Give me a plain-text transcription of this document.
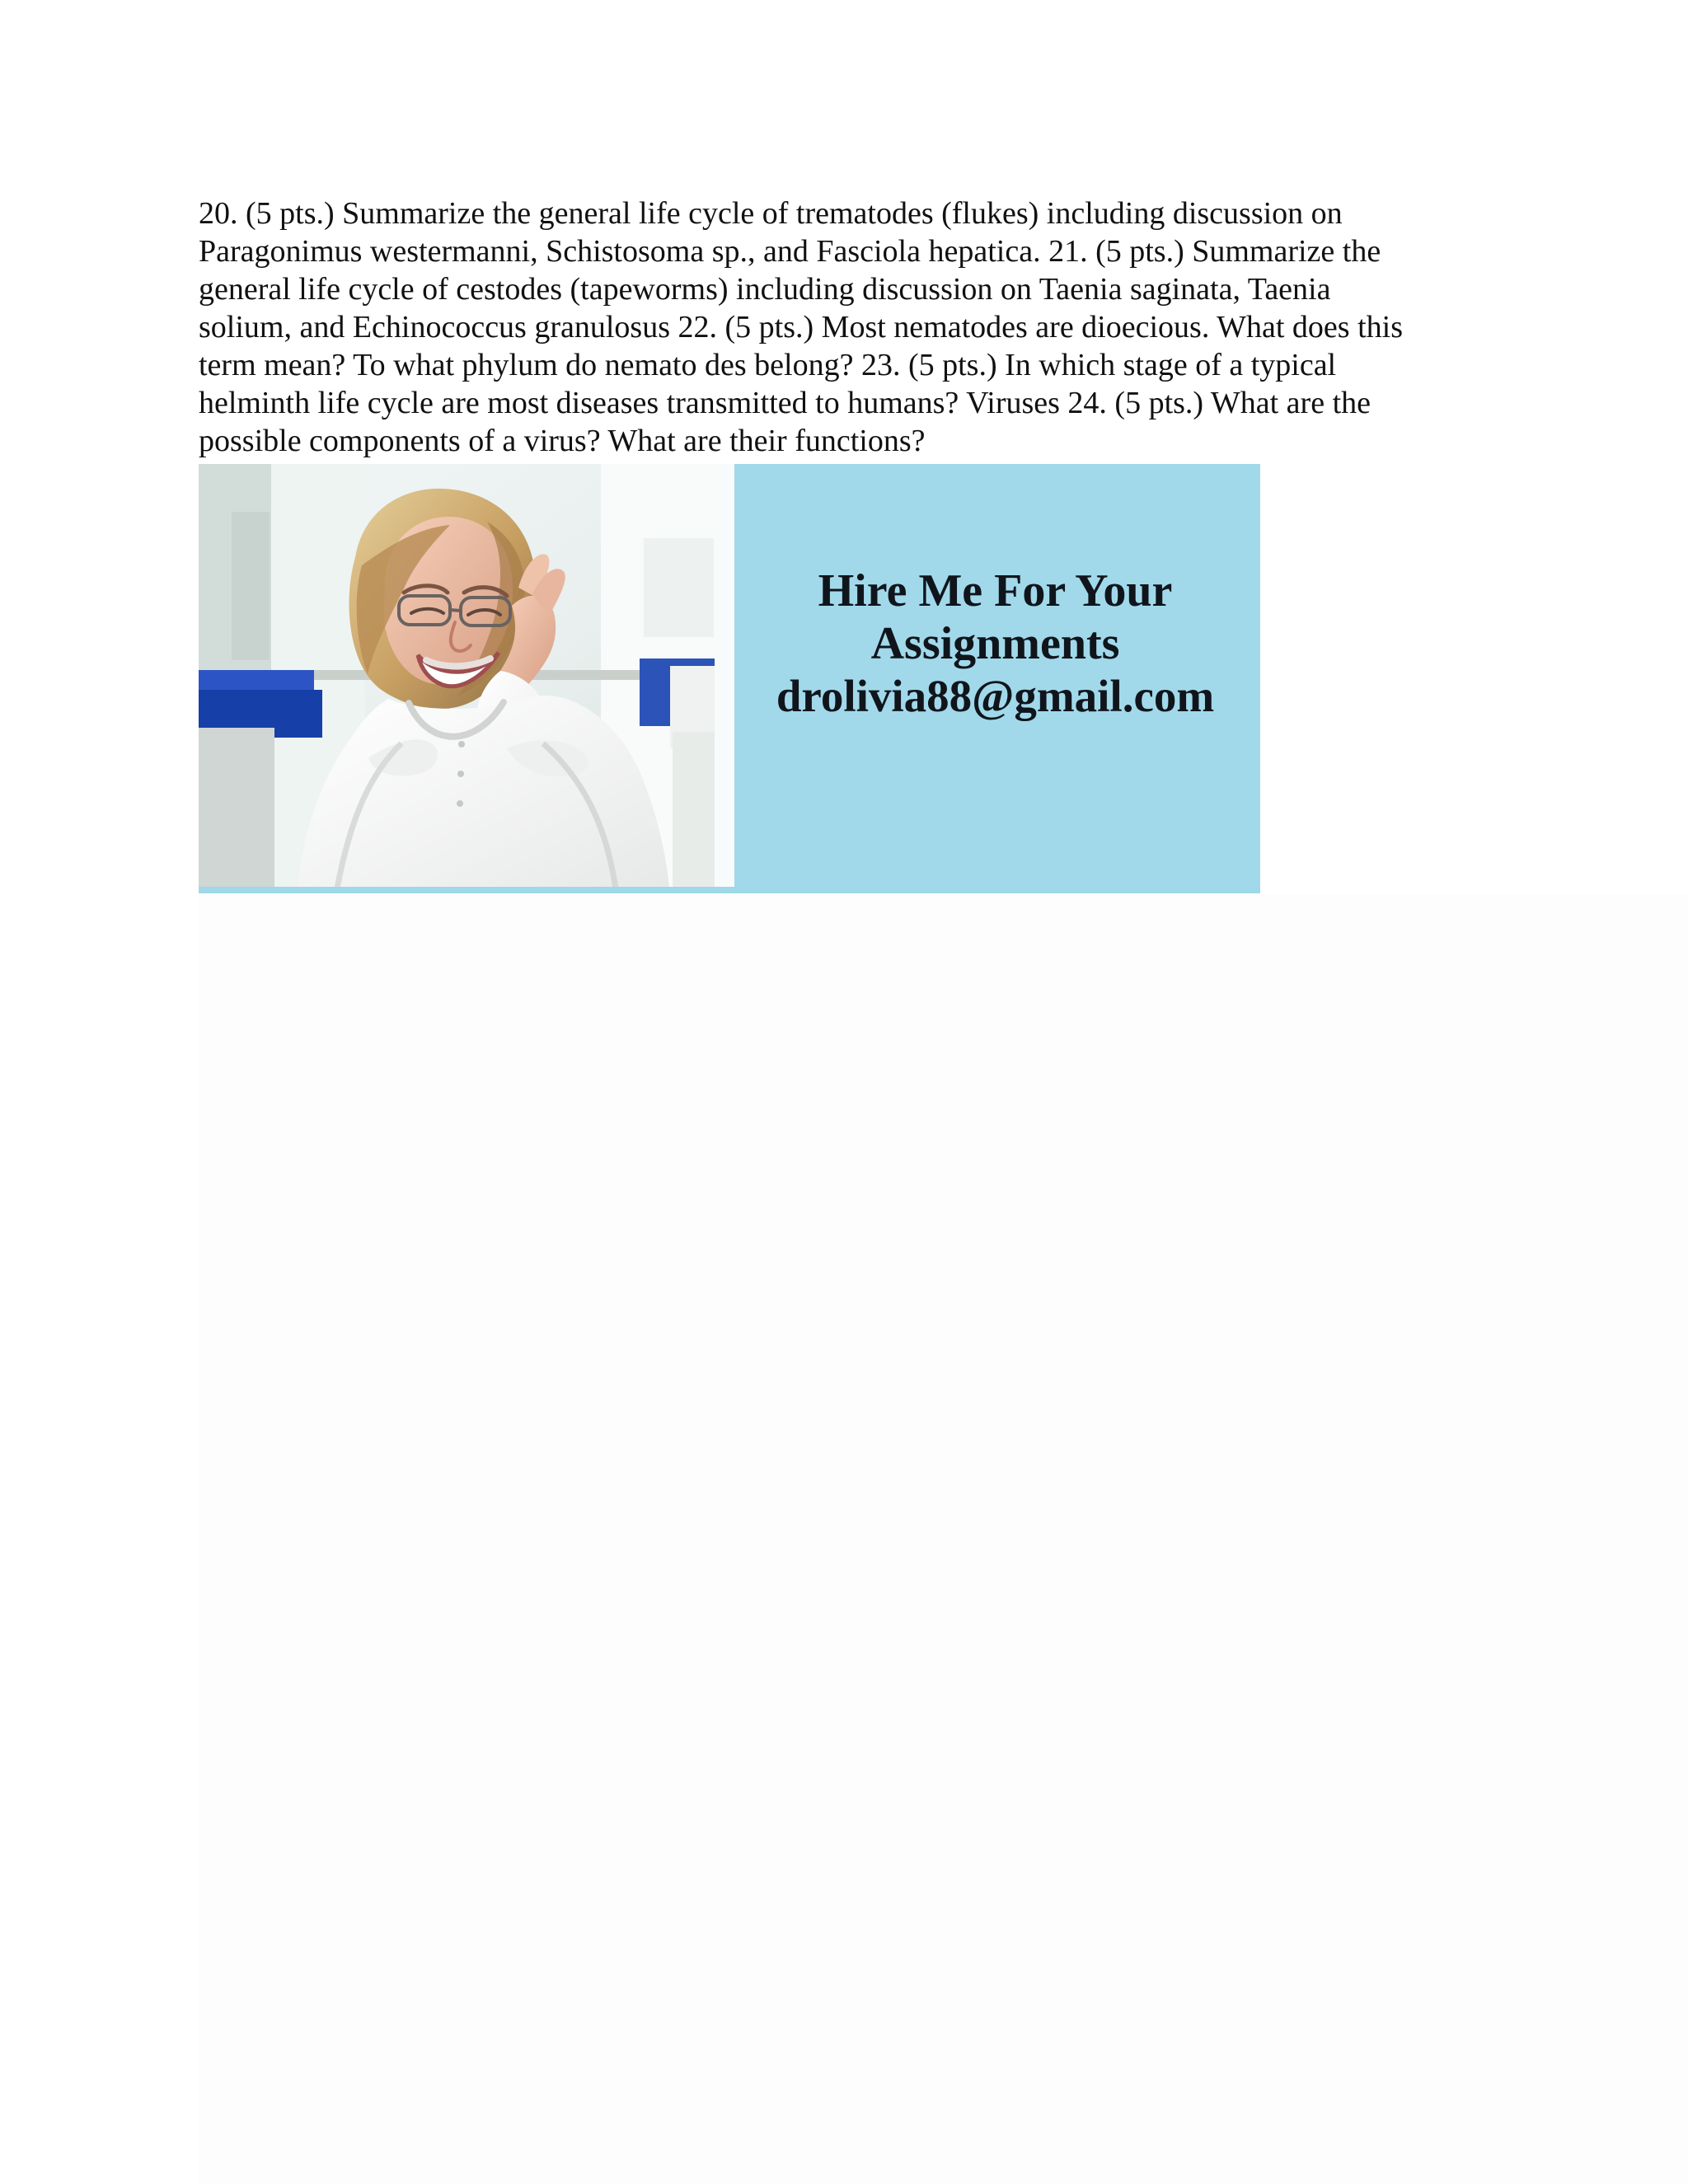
20. (5 pts.) Summarize the general life cycle of trematodes (flukes) including discussion on
Paragonimus westermanni, Schistosoma sp., and Fasciola hepatica. 21. (5 pts.) Summarize the
general life cycle of cestodes (tapeworms) including discussion on Taenia saginata, Taenia
solium, and Echinococcus granulosus 22. (5 pts.) Most nematodes are dioecious. What does this
term mean? To what phylum do nemato des belong? 23. (5 pts.) In which stage of a typical
helminth life cycle are most diseases transmitted to humans? Viruses 24. (5 pts.) What are the
possible components of a virus? What are their functions?

Hire Me For Your
Assignments
drolivia88@gmail.com
